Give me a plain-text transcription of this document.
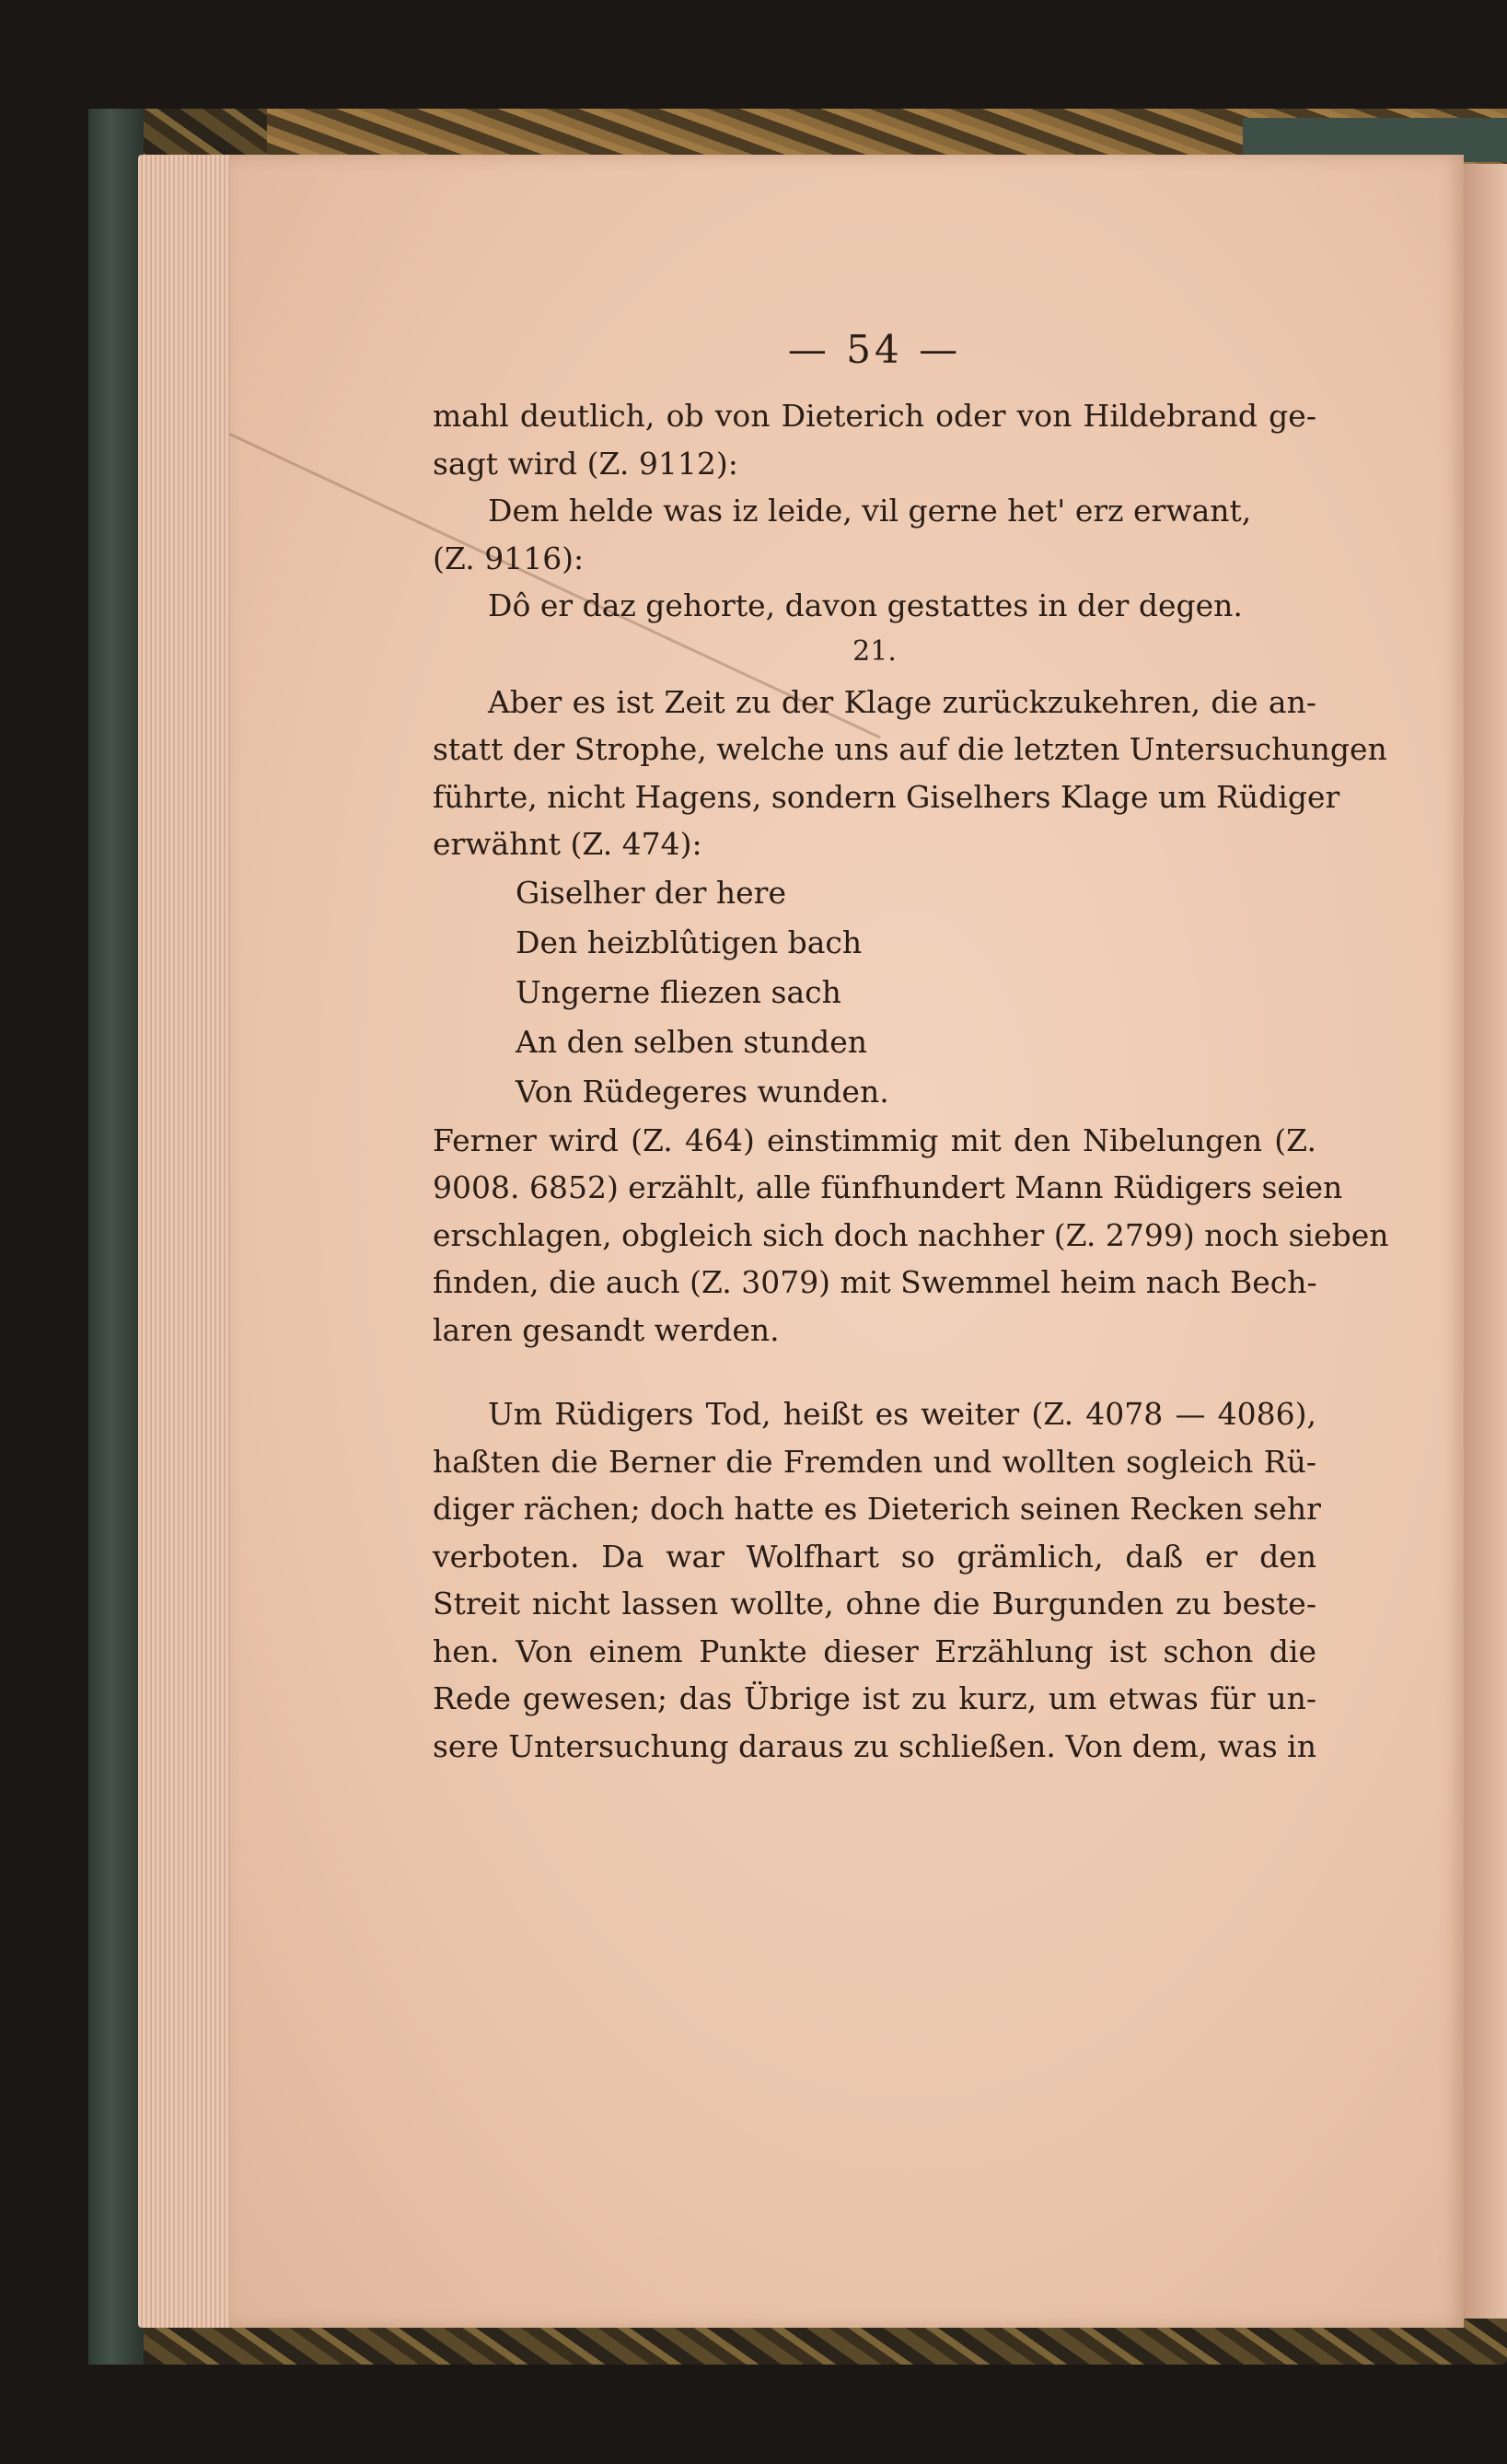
— 54 —
mahl deutlich, ob von Dieterich oder von Hildebrand ge-
sagt wird (Z. 9112):
Dem helde was iz leide, vil gerne het' erz erwant,
(Z. 9116):
Dô er daz gehorte, davon gestattes in der degen.
21.
Aber es ist Zeit zu der Klage zurückzukehren, die an-
statt der Strophe, welche uns auf die letzten Untersuchungen
führte, nicht Hagens, sondern Giselhers Klage um Rüdiger
erwähnt (Z. 474):
Giselher der here
Den heizblûtigen bach
Ungerne fliezen sach
An den selben stunden
Von Rüdegeres wunden.
Ferner wird (Z. 464) einstimmig mit den Nibelungen (Z.
9008. 6852) erzählt, alle fünfhundert Mann Rüdigers seien
erschlagen, obgleich sich doch nachher (Z. 2799) noch sieben
finden, die auch (Z. 3079) mit Swemmel heim nach Bech-
laren gesandt werden.
Um Rüdigers Tod, heißt es weiter (Z. 4078 — 4086),
haßten die Berner die Fremden und wollten sogleich Rü-
diger rächen; doch hatte es Dieterich seinen Recken sehr
verboten. Da war Wolfhart so grämlich, daß er den
Streit nicht lassen wollte, ohne die Burgunden zu beste-
hen. Von einem Punkte dieser Erzählung ist schon die
Rede gewesen; das Übrige ist zu kurz, um etwas für un-
sere Untersuchung daraus zu schließen. Von dem, was in
